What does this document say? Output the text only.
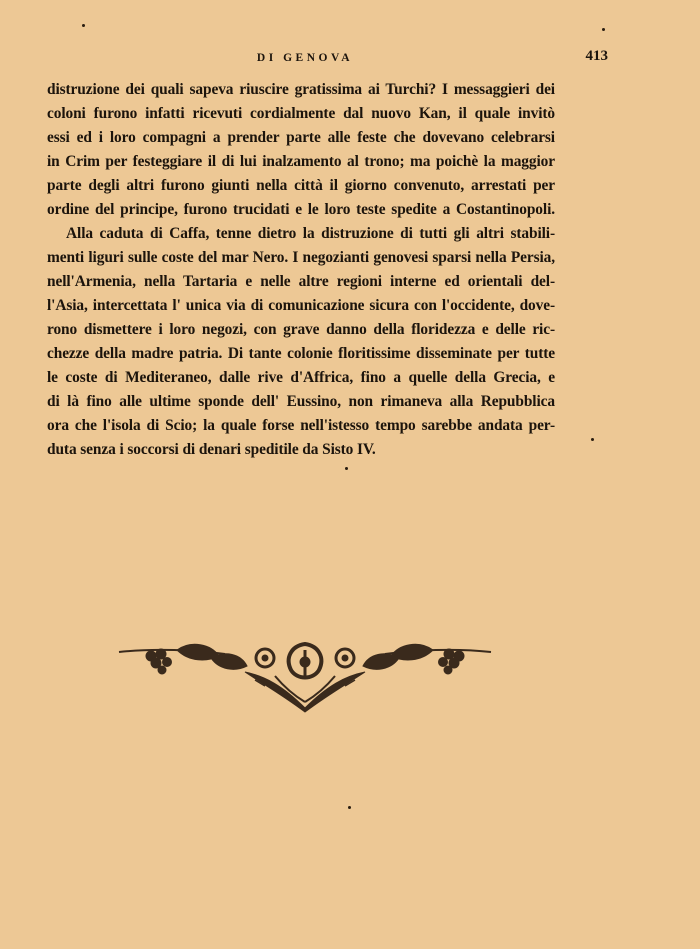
DI GENOVA	413
distruzione dei quali sapeva riuscire gratissima ai Turchi? I messaggieri dei
coloni furono infatti ricevuti cordialmente dal nuovo Kan, il quale invitò
essi ed i loro compagni a prender parte alle feste che dovevano celebrarsi
in Crim per festeggiare il di lui inalzamento al trono; ma poichè la maggior
parte degli altri furono giunti nella città il giorno convenuto, arrestati per
ordine del principe, furono trucidati e le loro teste spedite a Costantinopoli.
Alla caduta di Caffa, tenne dietro la distruzione di tutti gli altri stabili-
menti liguri sulle coste del mar Nero. I negozianti genovesi sparsi nella Persia,
nell'Armenia, nella Tartaria e nelle altre regioni interne ed orientali del-
l'Asia, intercettata l' unica via di comunicazione sicura con l'occidente, dove-
rono dismettere i loro negozi, con grave danno della floridezza e delle ric-
chezze della madre patria. Di tante colonie floritissime disseminate per tutte
le coste di Mediteraneo, dalle rive d'Affrica, fino a quelle della Grecia, e
di là fino alle ultime sponde dell' Eussino, non rimaneva alla Repubblica
ora che l'isola di Scio; la quale forse nell'istesso tempo sarebbe andata per-
duta senza i soccorsi di denari speditile da Sisto IV.
